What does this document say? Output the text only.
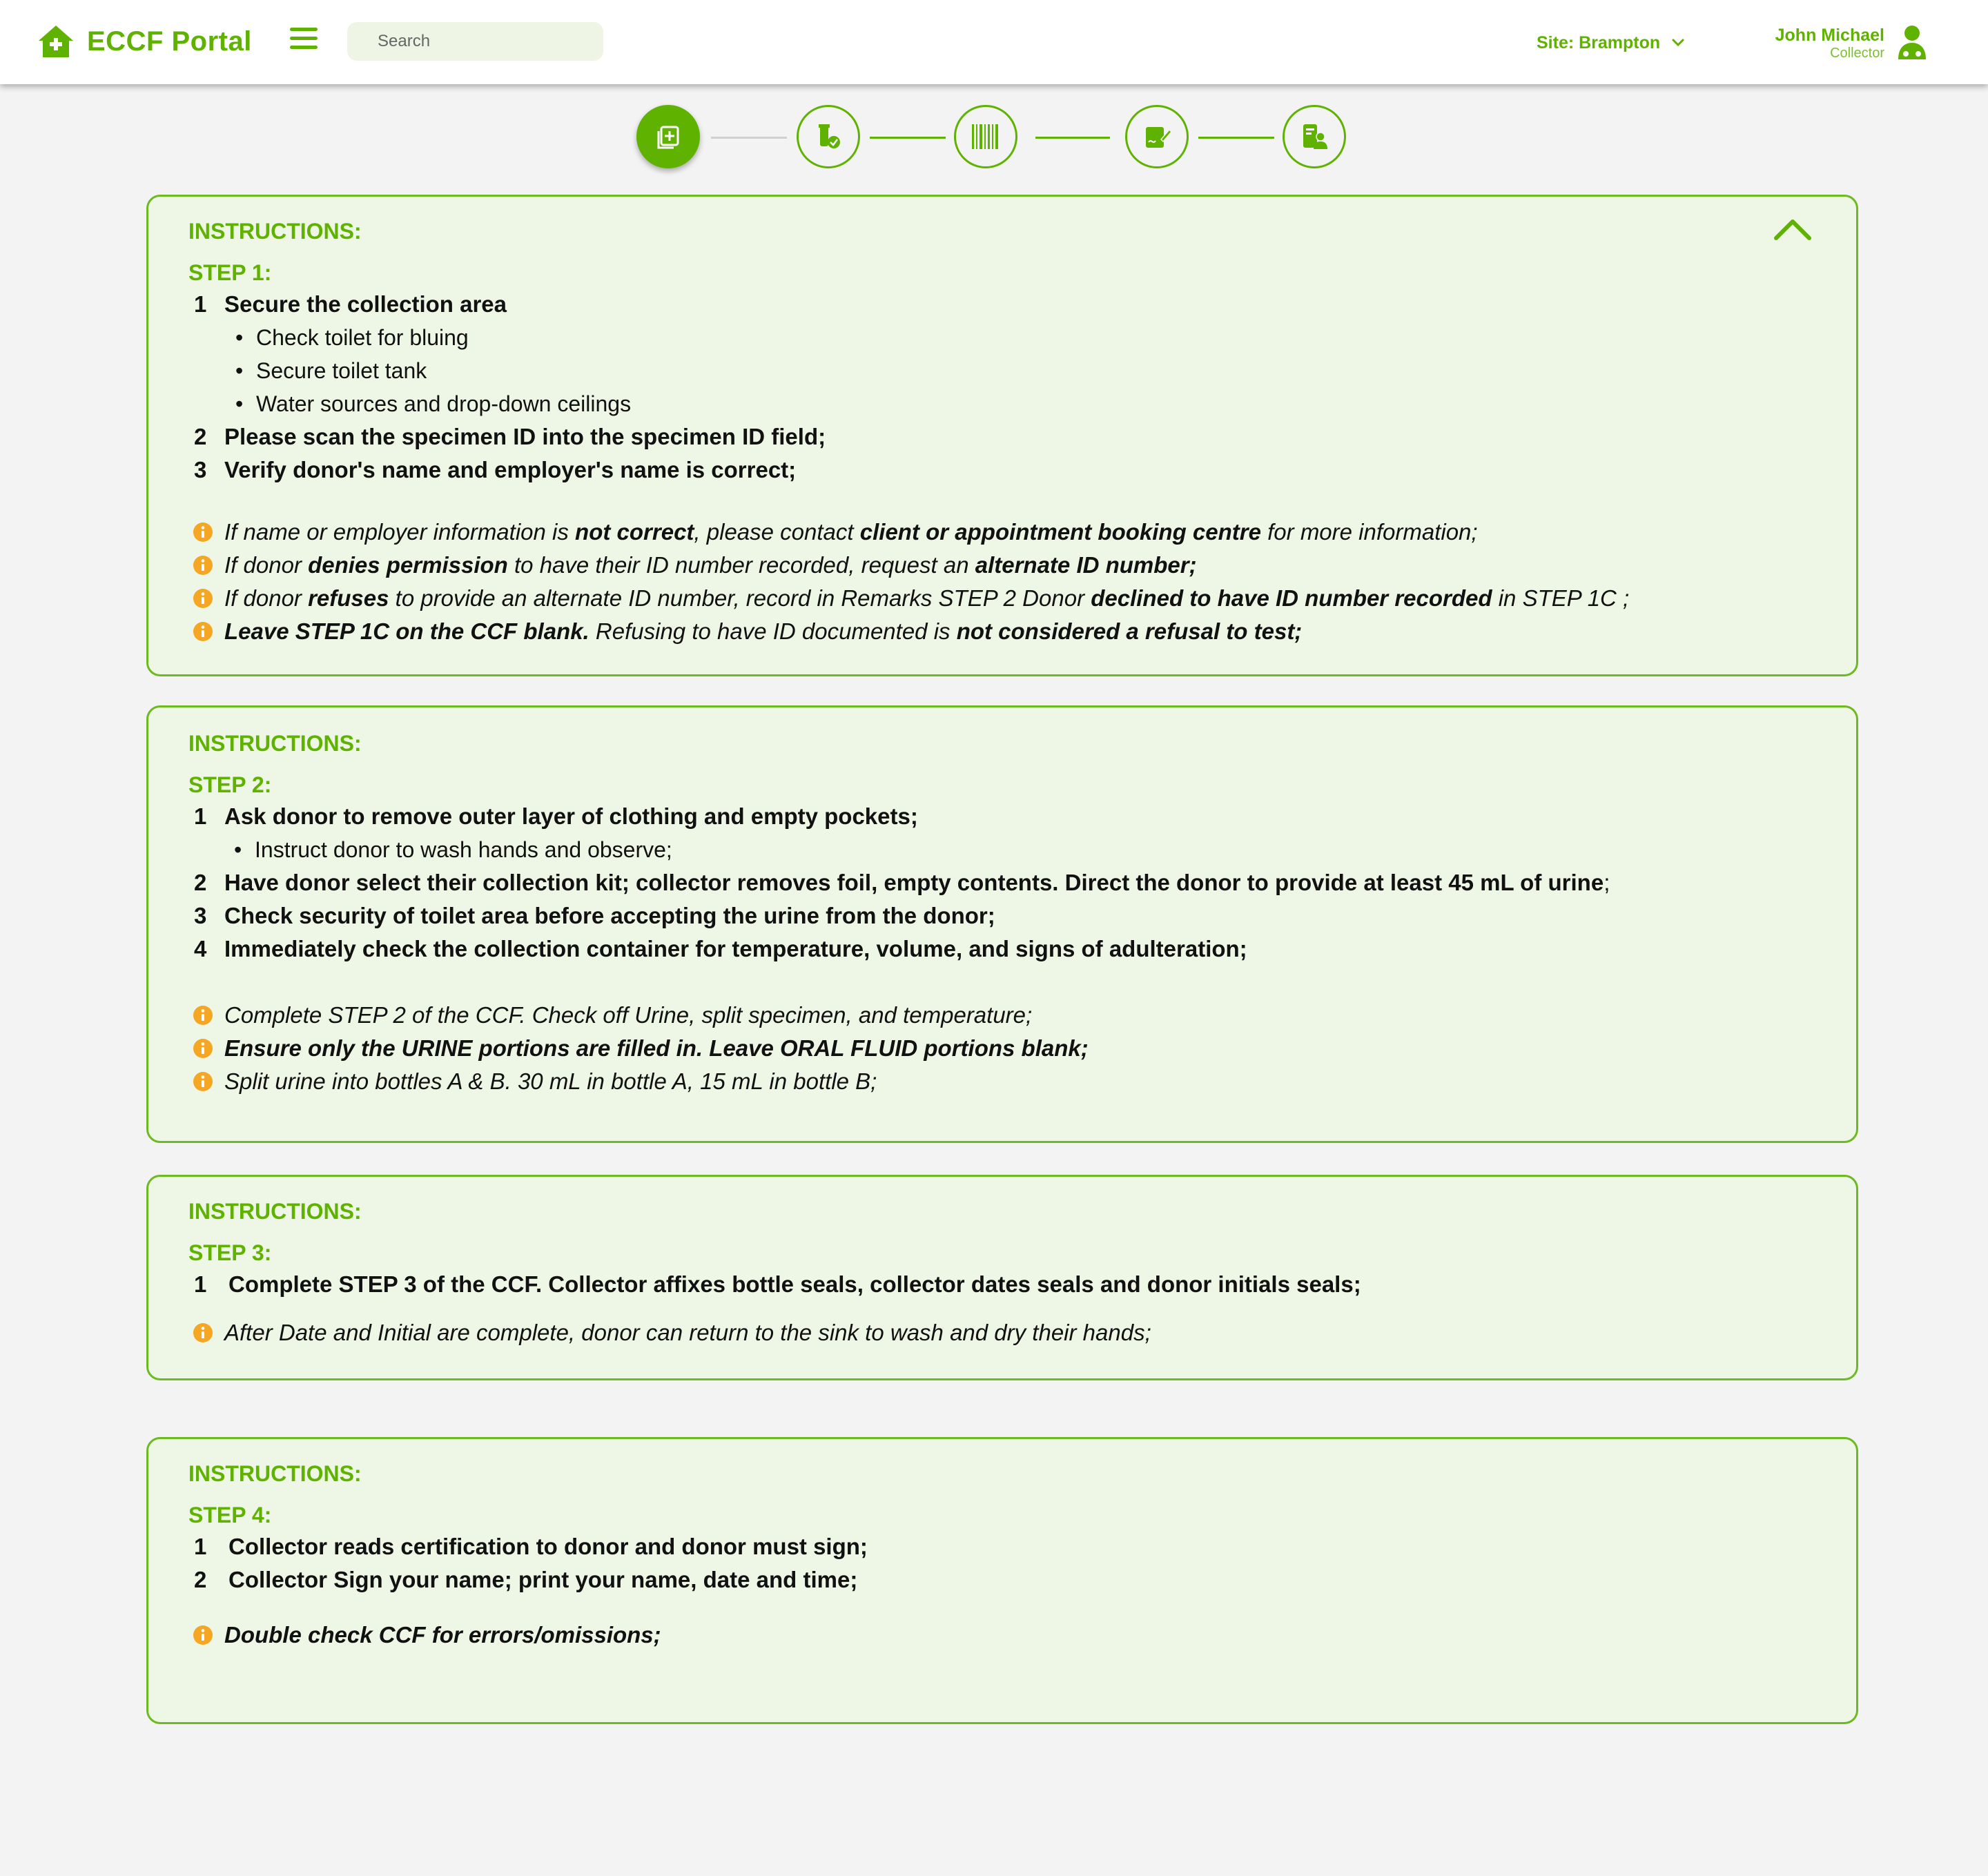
ECCF Portal
Search	Site: Brampton	John Michael
Collector
INSTRUCTIONS:
STEP 1:
1 Secure the collection area
• Check toilet for bluing
• Secure toilet tank
• Water sources and drop-down ceilings
2 Please scan the specimen ID into the specimen ID field;
3 Verify donor's name and employer's name is correct;
If name or employer information is not correct, please contact client or appointment booking centre for more information;
If donor denies permission to have their ID number recorded, request an alternate ID number;
If donor refuses to provide an alternate ID number, record in Remarks STEP 2 Donor declined to have ID number recorded in STEP 1C ;
Leave STEP 1C on the CCF blank. Refusing to have ID documented is not considered a refusal to test;
INSTRUCTIONS:
STEP 2:
1 Ask donor to remove outer layer of clothing and empty pockets;
• Instruct donor to wash hands and observe;
2 Have donor select their collection kit; collector removes foil, empty contents. Direct the donor to provide at least 45 mL of urine;
3 Check security of toilet area before accepting the urine from the donor;
4 Immediately check the collection container for temperature, volume, and signs of adulteration;
Complete STEP 2 of the CCF. Check off Urine, split specimen, and temperature;
Ensure only the URINE portions are filled in. Leave ORAL FLUID portions blank;
Split urine into bottles A & B. 30 mL in bottle A, 15 mL in bottle B;
INSTRUCTIONS:
STEP 3:
1 Complete STEP 3 of the CCF. Collector affixes bottle seals, collector dates seals and donor initials seals;
After Date and Initial are complete, donor can return to the sink to wash and dry their hands;
INSTRUCTIONS:
STEP 4:
1 Collector reads certification to donor and donor must sign;
2 Collector Sign your name; print your name, date and time;
Double check CCF for errors/omissions;
